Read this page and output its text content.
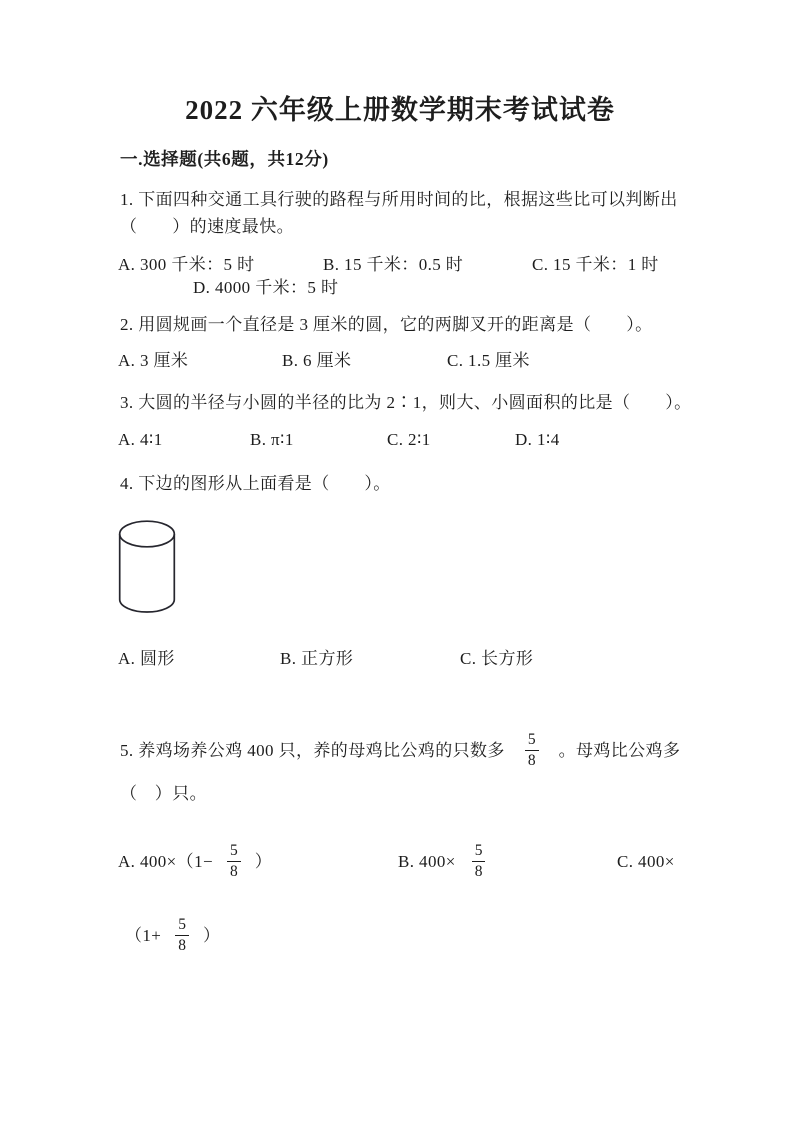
2022 六年级上册数学期末考试试卷
一.选择题(共6题，共12分)
1. 下面四种交通工具行驶的路程与所用时间的比，根据这些比可以判断出
（　　）的速度最快。
A. 300 千米：5 时	B. 15 千米：0.5 时	C. 15 千米：1 时
D. 4000 千米：5 时
2. 用圆规画一个直径是 3 厘米的圆，它的两脚叉开的距离是（　　）。
A. 3 厘米	B. 6 厘米	C. 1.5 厘米
3. 大圆的半径与小圆的半径的比为 2∶1，则大、小圆面积的比是（　　）。
A. 4∶1	B. π∶1	C. 2∶1	D. 1∶4
4. 下边的图形从上面看是（　　）。
A. 圆形	B. 正方形	C. 长方形
5. 养鸡场养公鸡 400 只，养的母鸡比公鸡的只数多 $\frac{5}{8}$ 。母鸡比公鸡多
（　）只。
A. $400\times(1- \frac{5}{8}$ ）	B. $400\times \frac{5}{8}$	C. 400×
（$1+ \frac{5}{8}$ ）
